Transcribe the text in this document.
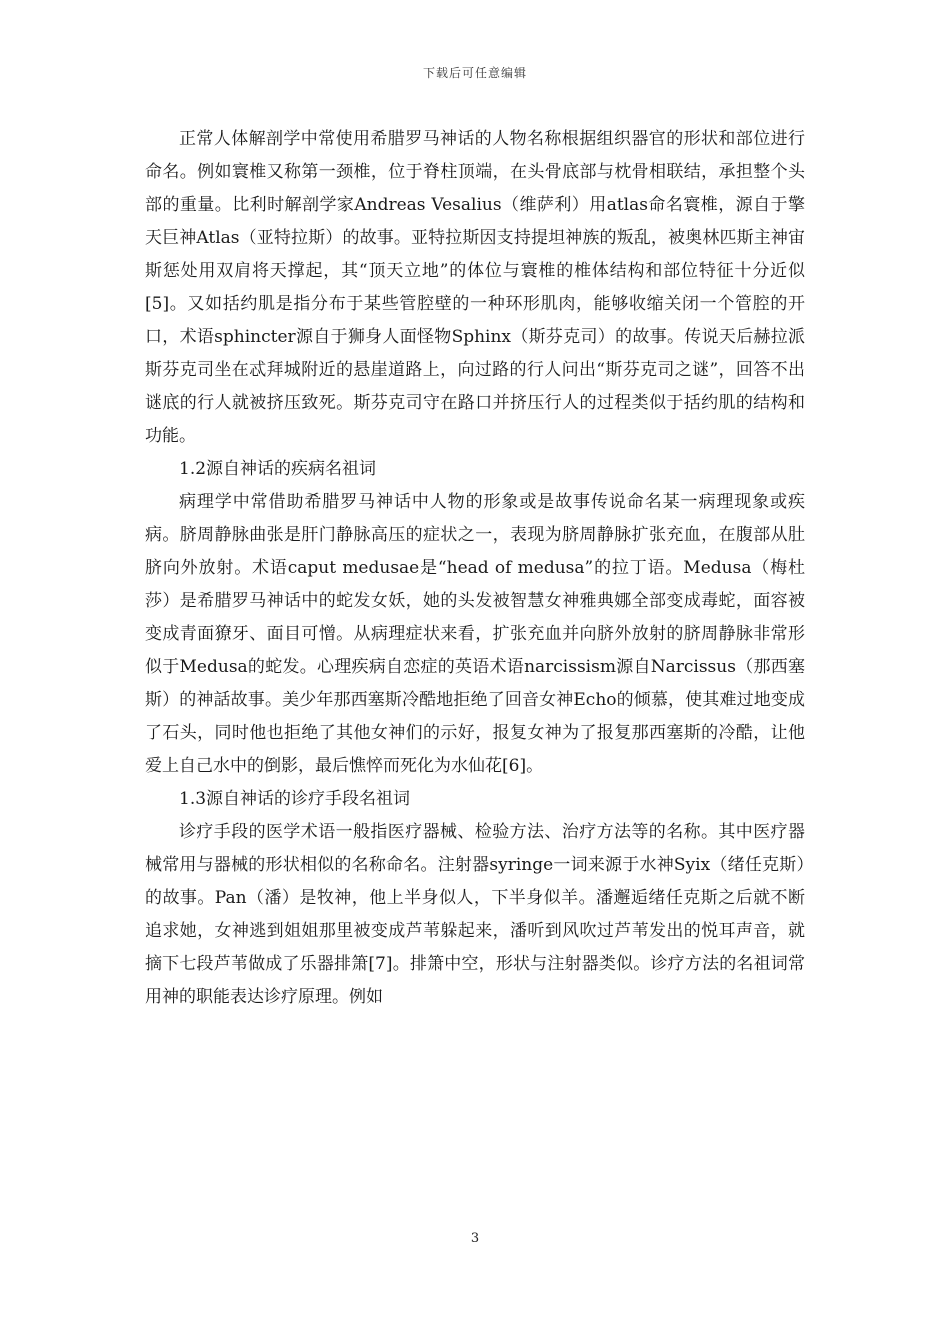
下载后可任意编辑

正常人体解剖学中常使用希腊罗马神话的人物名称根据组织器官的形状和部位进行命名。例如寰椎又称第一颈椎，位于脊柱顶端，在头骨底部与枕骨相联结，承担整个头部的重量。比利时解剖学家Andreas Vesalius（维萨利）用atlas命名寰椎，源自于擎天巨神Atlas（亚特拉斯）的故事。亚特拉斯因支持提坦神族的叛乱，被奥林匹斯主神宙斯惩处用双肩将天撑起，其“顶天立地”的体位与寰椎的椎体结构和部位特征十分近似[5]。又如括约肌是指分布于某些管腔壁的一种环形肌肉，能够收缩关闭一个管腔的开口，术语sphincter源自于狮身人面怪物Sphinx（斯芬克司）的故事。传说天后赫拉派斯芬克司坐在忒拜城附近的悬崖道路上，向过路的行人问出“斯芬克司之谜”，回答不出谜底的行人就被挤压致死。斯芬克司守在路口并挤压行人的过程类似于括约肌的结构和功能。

1.2源自神话的疾病名祖词

病理学中常借助希腊罗马神话中人物的形象或是故事传说命名某一病理现象或疾病。脐周静脉曲张是肝门静脉高压的症状之一，表现为脐周静脉扩张充血，在腹部从肚脐向外放射。术语caput medusae是“head of medusa”的拉丁语。Medusa（梅杜莎）是希腊罗马神话中的蛇发女妖，她的头发被智慧女神雅典娜全部变成毒蛇，面容被变成青面獠牙、面目可憎。从病理症状来看，扩张充血并向脐外放射的脐周静脉非常形似于Medusa的蛇发。心理疾病自恋症的英语术语narcissism源自Narcissus（那西塞斯）的神話故事。美少年那西塞斯冷酷地拒绝了回音女神Echo的倾慕，使其难过地变成了石头，同时他也拒绝了其他女神们的示好，报复女神为了报复那西塞斯的冷酷，让他爱上自己水中的倒影，最后憔悴而死化为水仙花[6]。

1.3源自神话的诊疗手段名祖词

诊疗手段的医学术语一般指医疗器械、检验方法、治疗方法等的名称。其中医疗器械常用与器械的形状相似的名称命名。注射器syringe一词来源于水神Syix（绪任克斯）的故事。Pan（潘）是牧神，他上半身似人，下半身似羊。潘邂逅绪任克斯之后就不断追求她，女神逃到姐姐那里被变成芦苇躲起来，潘听到风吹过芦苇发出的悦耳声音，就摘下七段芦苇做成了乐器排箫[7]。排箫中空，形状与注射器类似。诊疗方法的名祖词常用神的职能表达诊疗原理。例如

3
